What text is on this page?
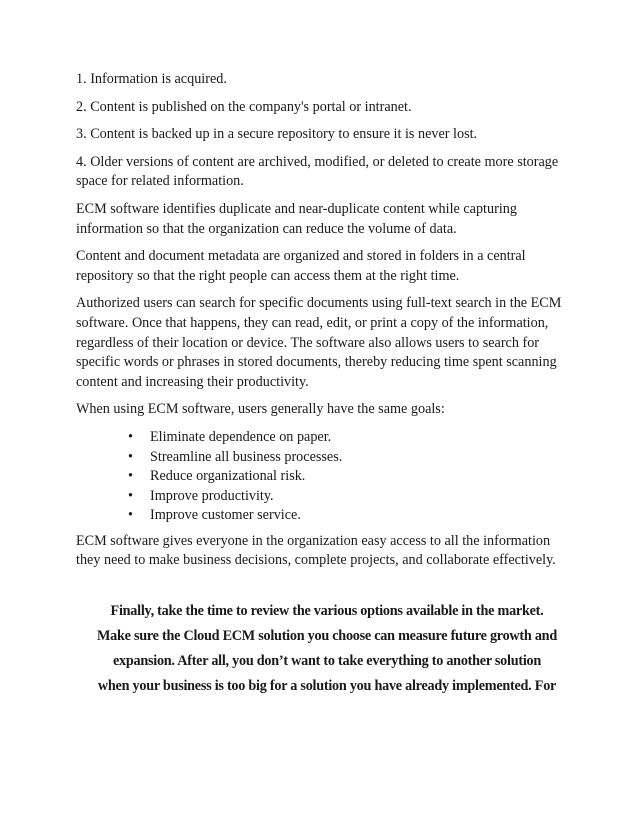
1. Information is acquired.

2. Content is published on the company's portal or intranet.

3. Content is backed up in a secure repository to ensure it is never lost.

4. Older versions of content are archived, modified, or deleted to create more storage space for related information.

ECM software identifies duplicate and near-duplicate content while capturing information so that the organization can reduce the volume of data.

Content and document metadata are organized and stored in folders in a central repository so that the right people can access them at the right time.

Authorized users can search for specific documents using full-text search in the ECM software. Once that happens, they can read, edit, or print a copy of the information, regardless of their location or device. The software also allows users to search for specific words or phrases in stored documents, thereby reducing time spent scanning content and increasing their productivity.

When using ECM software, users generally have the same goals:

• Eliminate dependence on paper.
• Streamline all business processes.
• Reduce organizational risk.
• Improve productivity.
• Improve customer service.

ECM software gives everyone in the organization easy access to all the information they need to make business decisions, complete projects, and collaborate effectively.

Finally, take the time to review the various options available in the market.
Make sure the Cloud ECM solution you choose can measure future growth and
expansion. After all, you don’t want to take everything to another solution
when your business is too big for a solution you have already implemented. For
